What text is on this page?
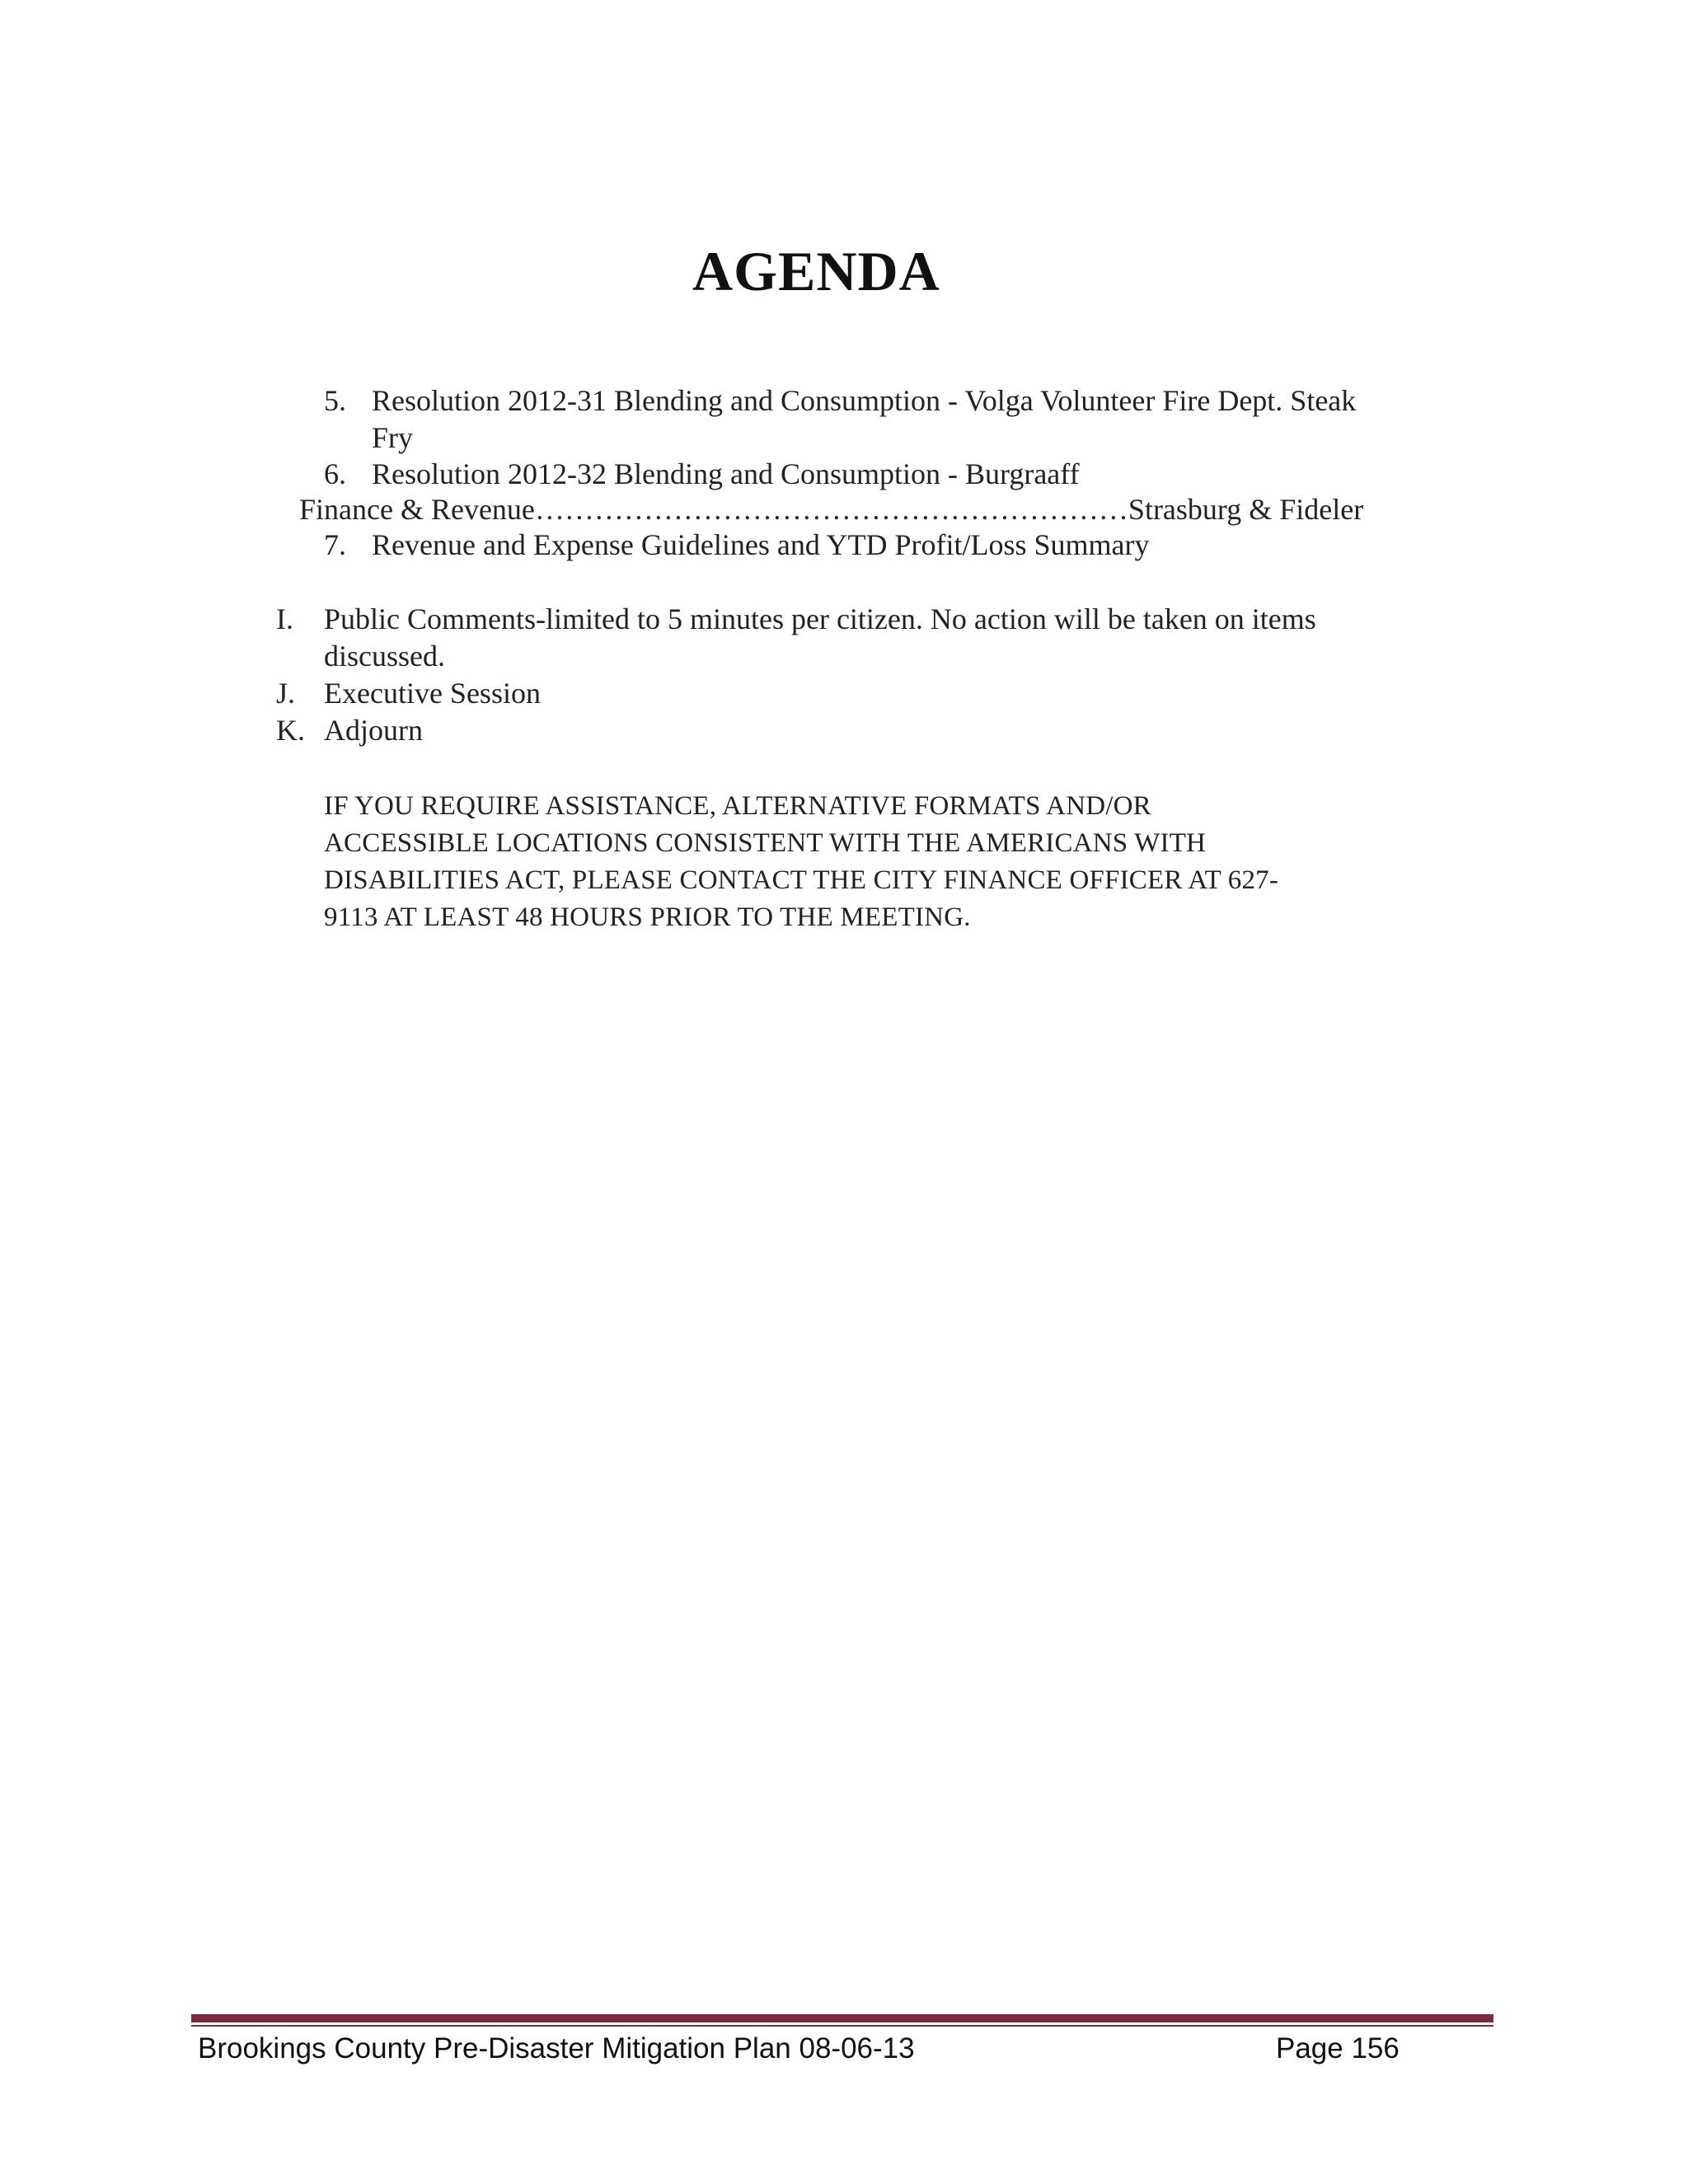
AGENDA
5. Resolution 2012-31 Blending and Consumption - Volga Volunteer Fire Dept. Steak
Fry
6. Resolution 2012-32 Blending and Consumption - Burgraaff
Finance & Revenue……………………………………………………Strasburg & Fideler
7. Revenue and Expense Guidelines and YTD Profit/Loss Summary
I. Public Comments-limited to 5 minutes per citizen. No action will be taken on items
discussed.
J. Executive Session
K. Adjourn
IF YOU REQUIRE ASSISTANCE, ALTERNATIVE FORMATS AND/OR
ACCESSIBLE LOCATIONS CONSISTENT WITH THE AMERICANS WITH
DISABILITIES ACT, PLEASE CONTACT THE CITY FINANCE OFFICER AT 627-
9113 AT LEAST 48 HOURS PRIOR TO THE MEETING.
Brookings County Pre-Disaster Mitigation Plan 08-06-13	Page 156
